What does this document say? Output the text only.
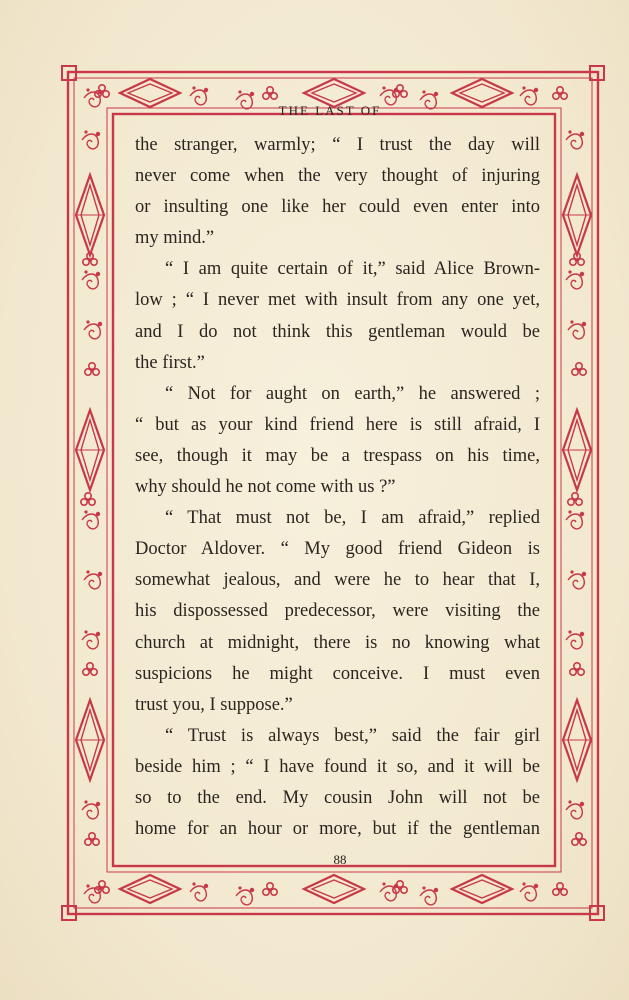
THE LAST OF
the stranger, warmly; “ I trust the day will
never come when the very thought of injuring
or insulting one like her could even enter into
my mind.”
“ I am quite certain of it,” said Alice Brown-
low ; “ I never met with insult from any one yet,
and I do not think this gentleman would be
the first.”
“ Not for aught on earth,” he answered ;
“ but as your kind friend here is still afraid, I
see, though it may be a trespass on his time,
why should he not come with us ?”
“ That must not be, I am afraid,” replied
Doctor Aldover. “ My good friend Gideon is
somewhat jealous, and were he to hear that I,
his dispossessed predecessor, were visiting the
church at midnight, there is no knowing what
suspicions he might conceive. I must even
trust you, I suppose.”
“ Trust is always best,” said the fair girl
beside him ; “ I have found it so, and it will be
so to the end. My cousin John will not be
home for an hour or more, but if the gentleman
88
